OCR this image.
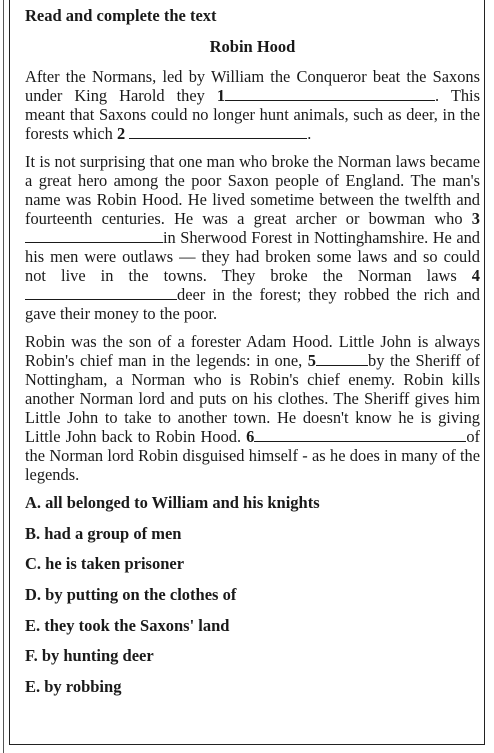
Read and complete the text

Robin Hood

After the Normans, led by William the Conqueror beat the Saxons under King Harold they 1	. This meant that Saxons could no longer hunt animals, such as deer, in the forests which 2	.

It is not surprising that one man who broke the Norman laws became a great hero among the poor Saxon people of England. The man's name was Robin Hood. He lived sometime between the twelfth and fourteenth centuries. He was a great archer or bowman who 3 in Sherwood Forest in Nottinghamshire. He and his men were outlaws — they had broken some laws and so could not live in the towns. They broke the Norman laws 4 deer in the forest; they robbed the rich and gave their money to the poor.

Robin was the son of a forester Adam Hood. Little John is always Robin's chief man in the legends: in one, 5	by the Sheriff of Nottingham, a Norman who is Robin's chief enemy. Robin kills another Norman lord and puts on his clothes. The Sheriff gives him Little John to take to another town. He doesn't know he is giving Little John back to Robin Hood. 6	of the Norman lord Robin disguised himself - as he does in many of the legends.

A. all belonged to William and his knights

B. had a group of men

C. he is taken prisoner

D. by putting on the clothes of

E. they took the Saxons' land

F. by hunting deer

E. by robbing
